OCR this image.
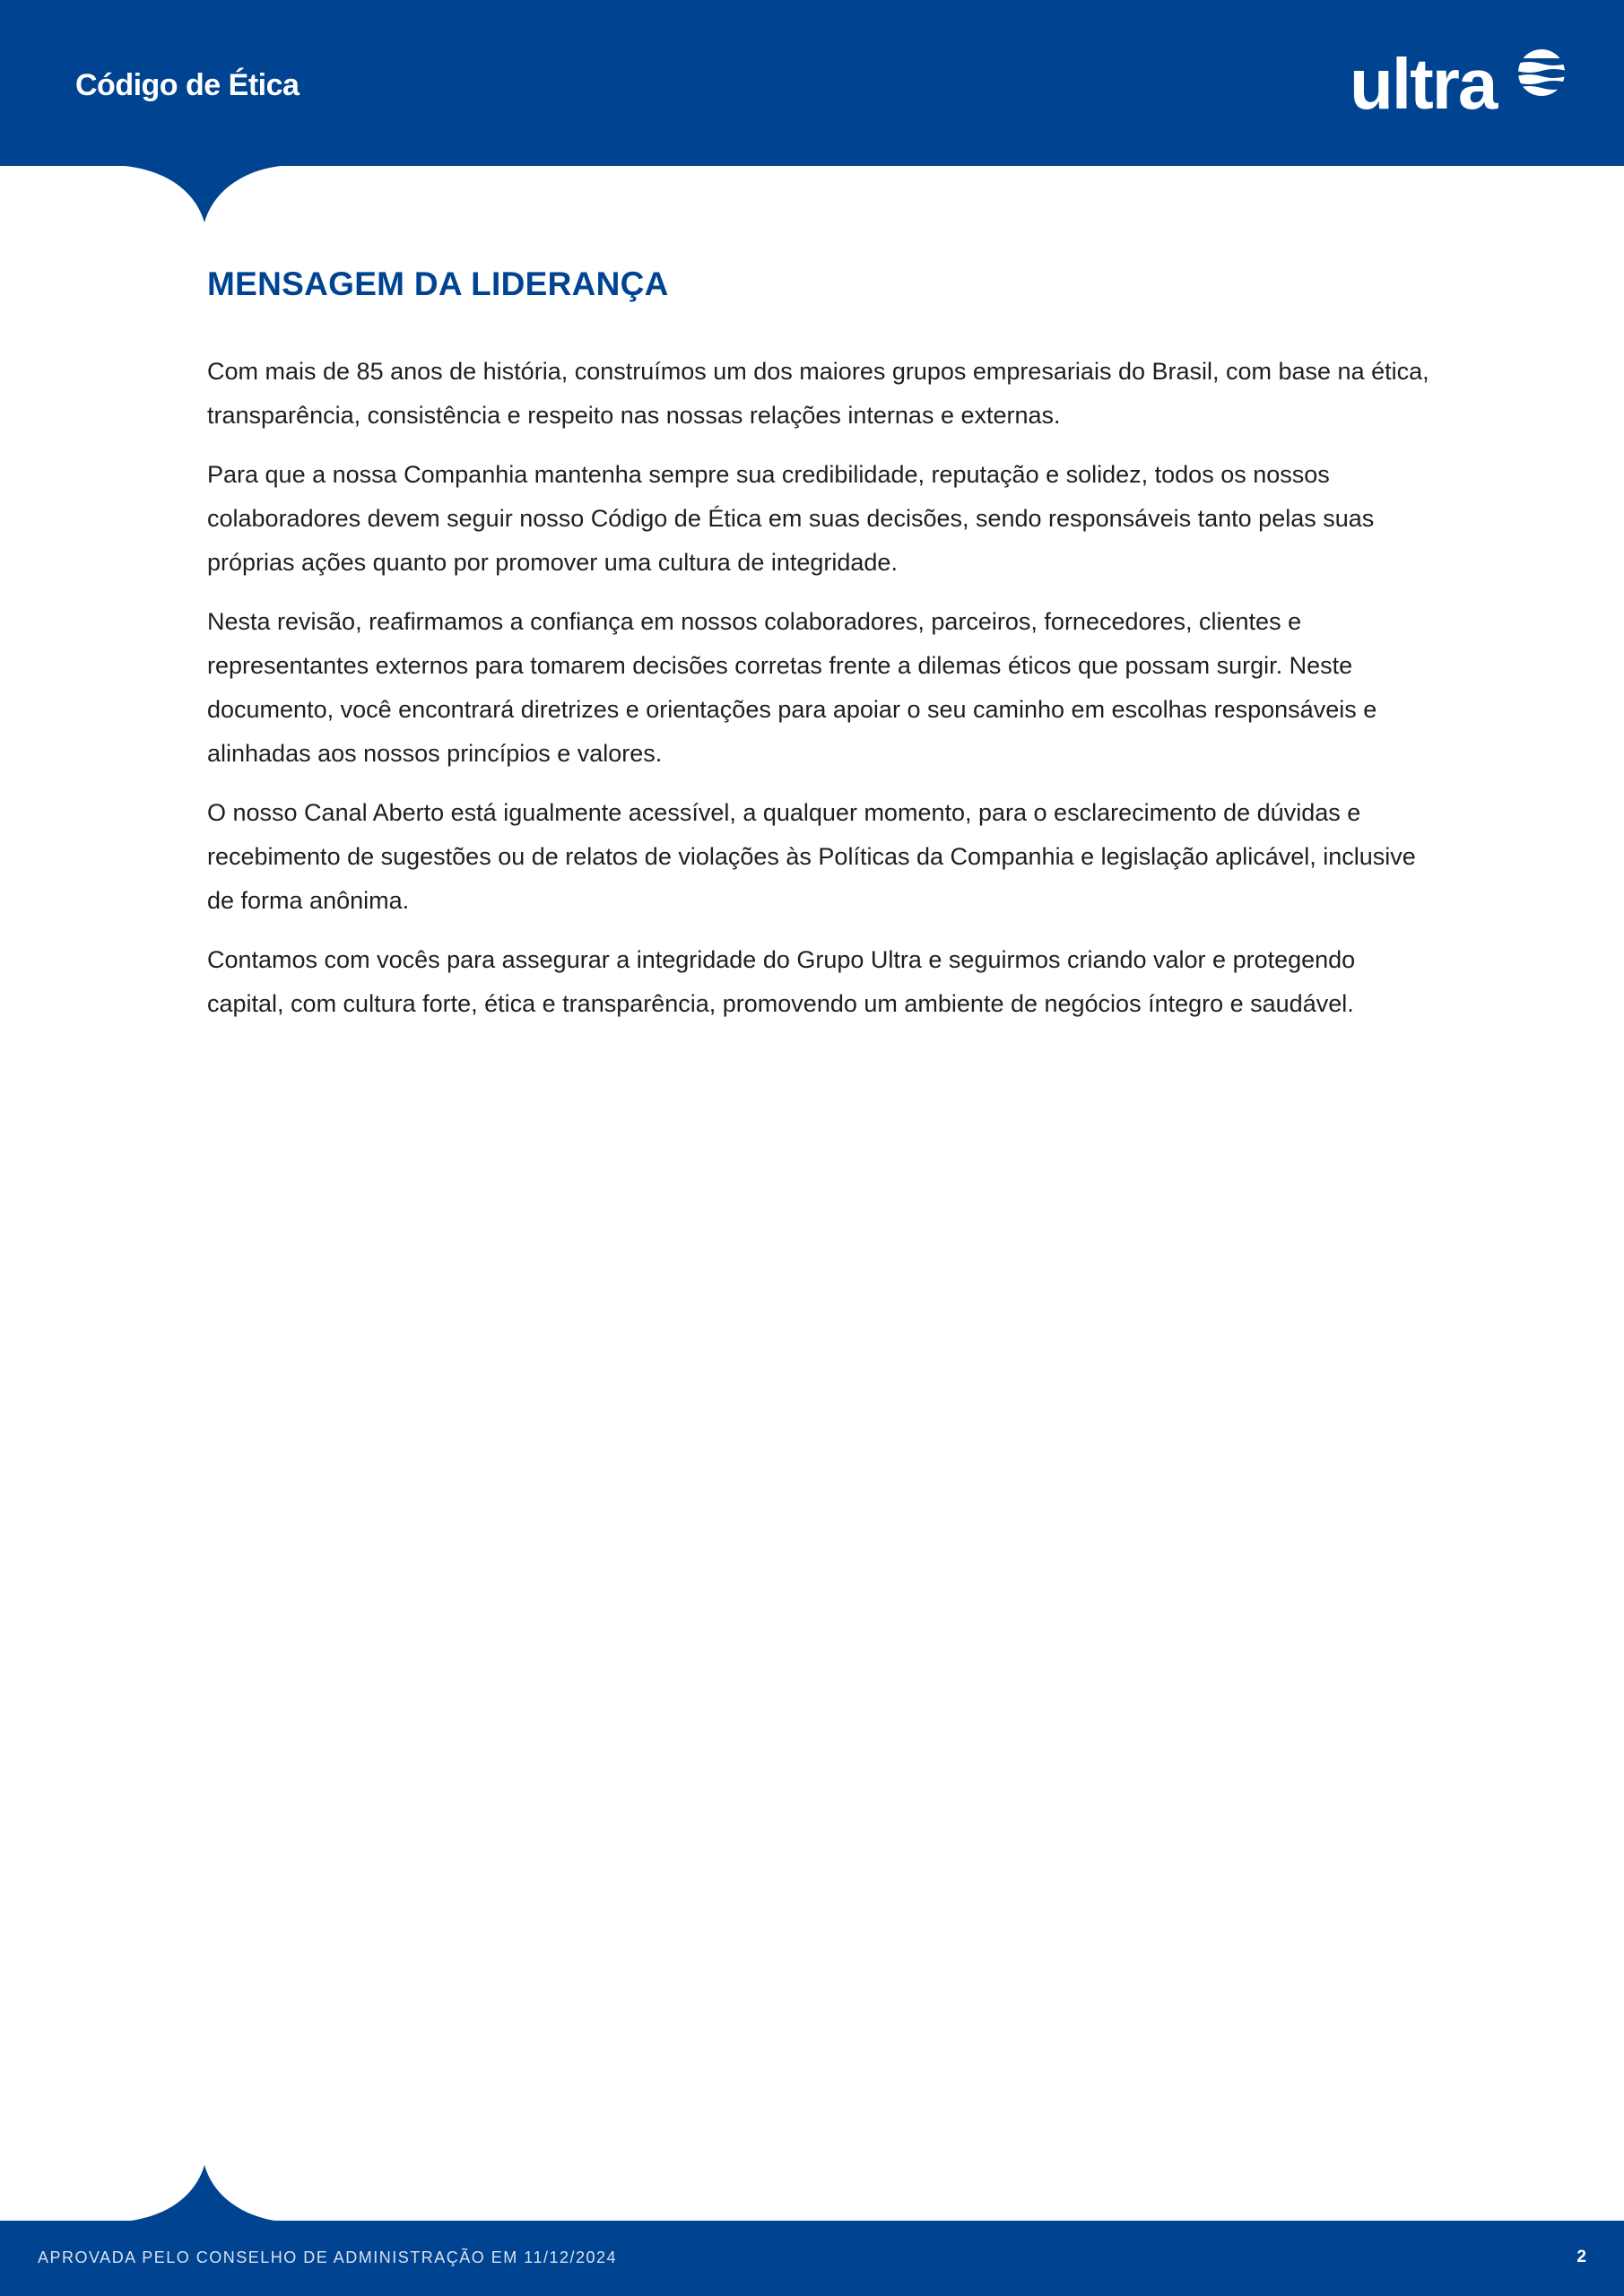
Código de Ética	ultra
MENSAGEM DA LIDERANÇA

Com mais de 85 anos de história, construímos um dos maiores grupos empresariais do Brasil, com base na ética, transparência, consistência e respeito nas nossas relações internas e externas.

Para que a nossa Companhia mantenha sempre sua credibilidade, reputação e solidez, todos os nossos colaboradores devem seguir nosso Código de Ética em suas decisões, sendo responsáveis tanto pelas suas próprias ações quanto por promover uma cultura de integridade.

Nesta revisão, reafirmamos a confiança em nossos colaboradores, parceiros, fornecedores, clientes e representantes externos para tomarem decisões corretas frente a dilemas éticos que possam surgir. Neste documento, você encontrará diretrizes e orientações para apoiar o seu caminho em escolhas responsáveis e alinhadas aos nossos princípios e valores.

O nosso Canal Aberto está igualmente acessível, a qualquer momento, para o esclarecimento de dúvidas e recebimento de sugestões ou de relatos de violações às Políticas da Companhia e legislação aplicável, inclusive de forma anônima.

Contamos com vocês para assegurar a integridade do Grupo Ultra e seguirmos criando valor e protegendo capital, com cultura forte, ética e transparência, promovendo um ambiente de negócios íntegro e saudável.

APROVADA PELO CONSELHO DE ADMINISTRAÇÃO EM 11/12/2024	2
